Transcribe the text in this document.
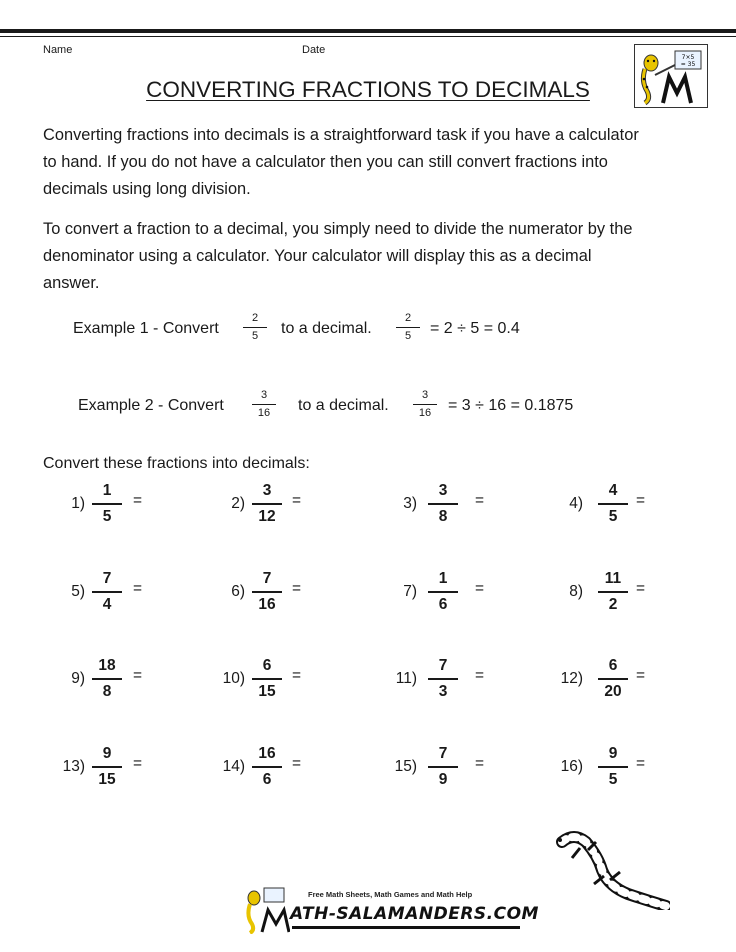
Name	Date
CONVERTING FRACTIONS TO DECIMALS
7×5
= 35
Converting fractions into decimals is a straightforward task if you have a calculator
to hand. If you do not have a calculator then you can still convert fractions into
decimals using long division.
To convert a fraction to a decimal, you simply need to divide the numerator by the
denominator using a calculator. Your calculator will display this as a decimal
answer.
Example 1 - Convert
2
5	to a decimal.
2
5	= 2 ÷ 5 = 0.4
Example 2 - Convert
3
16	to a decimal.
3
16	= 3 ÷ 16 = 0.1875
Convert these fractions into decimals:
1)
1
5
=	2)
3
12
=	3)
3
8
=	4)
4
5
=
5)
7
4
=	6)
7
16
=	7)
1
6
=	8)
11
2
=
9)
18
8
=	10)
6
15
=	11)
7
3
=	12)
6
20
=
13)
9
15
=	14)
16
6
=	15)
7
9
=	16)
9
5
=
Free Math Sheets, Math Games and Math Help
ATH-SALAMANDERS.COM
